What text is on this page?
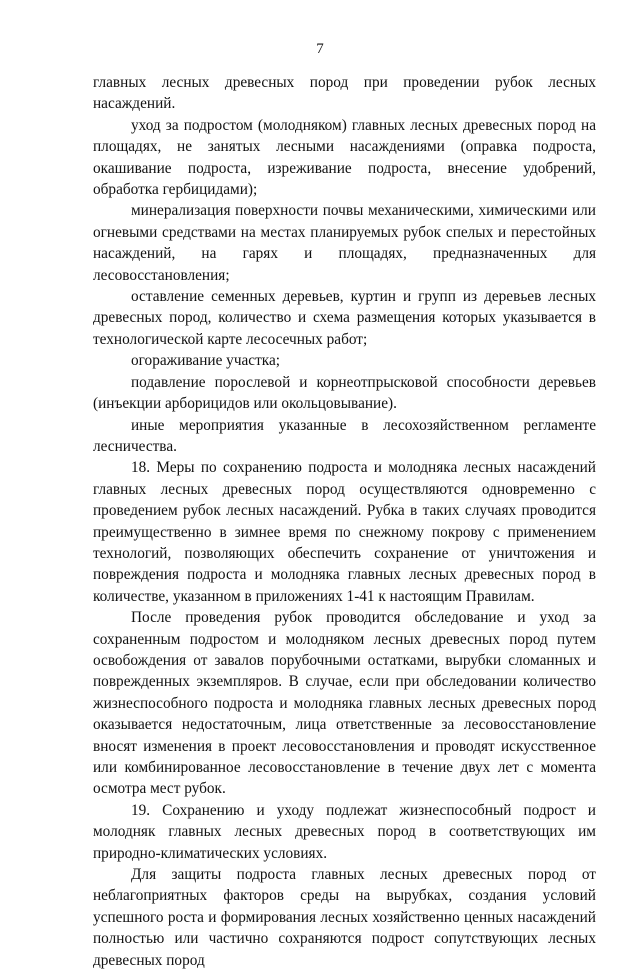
7

главных лесных древесных пород при проведении рубок лесных насаждений.

уход за подростом (молодняком) главных лесных древесных пород на площадях, не занятых лесными насаждениями (оправка подроста, окашивание подроста, изреживание подроста, внесение удобрений, обработка гербицидами);

минерализация поверхности почвы механическими, химическими или огневыми средствами на местах планируемых рубок спелых и перестойных насаждений, на гарях и площадях, предназначенных для лесовосстановления;

оставление семенных деревьев, куртин и групп из деревьев лесных древесных пород, количество и схема размещения которых указывается в технологической карте лесосечных работ;

огораживание участка;

подавление порослевой и корнеотпрысковой способности деревьев (инъекции арборицидов или окольцовывание).

иные мероприятия указанные в лесохозяйственном регламенте лесничества.

18. Меры по сохранению подроста и молодняка лесных насаждений главных лесных древесных пород осуществляются одновременно с проведением рубок лесных насаждений. Рубка в таких случаях проводится преимущественно в зимнее время по снежному покрову с применением технологий, позволяющих обеспечить сохранение от уничтожения и повреждения подроста и молодняка главных лесных древесных пород в количестве, указанном в приложениях 1-41 к настоящим Правилам.

После проведения рубок проводится обследование и уход за сохраненным подростом и молодняком лесных древесных пород путем освобождения от завалов порубочными остатками, вырубки сломанных и поврежденных экземпляров. В случае, если при обследовании количество жизнеспособного подроста и молодняка главных лесных древесных пород оказывается недостаточным, лица ответственные за лесовосстановление вносят изменения в проект лесовосстановления и проводят искусственное или комбинированное лесовосстановление в течение двух лет с момента осмотра мест рубок.

19. Сохранению и уходу подлежат жизнеспособный подрост и молодняк главных лесных древесных пород в соответствующих им природно-климатических условиях.

Для защиты подроста главных лесных древесных пород от неблагоприятных факторов среды на вырубках, создания условий успешного роста и формирования лесных хозяйственно ценных насаждений полностью или частично сохраняются подрост сопутствующих лесных древесных пород
